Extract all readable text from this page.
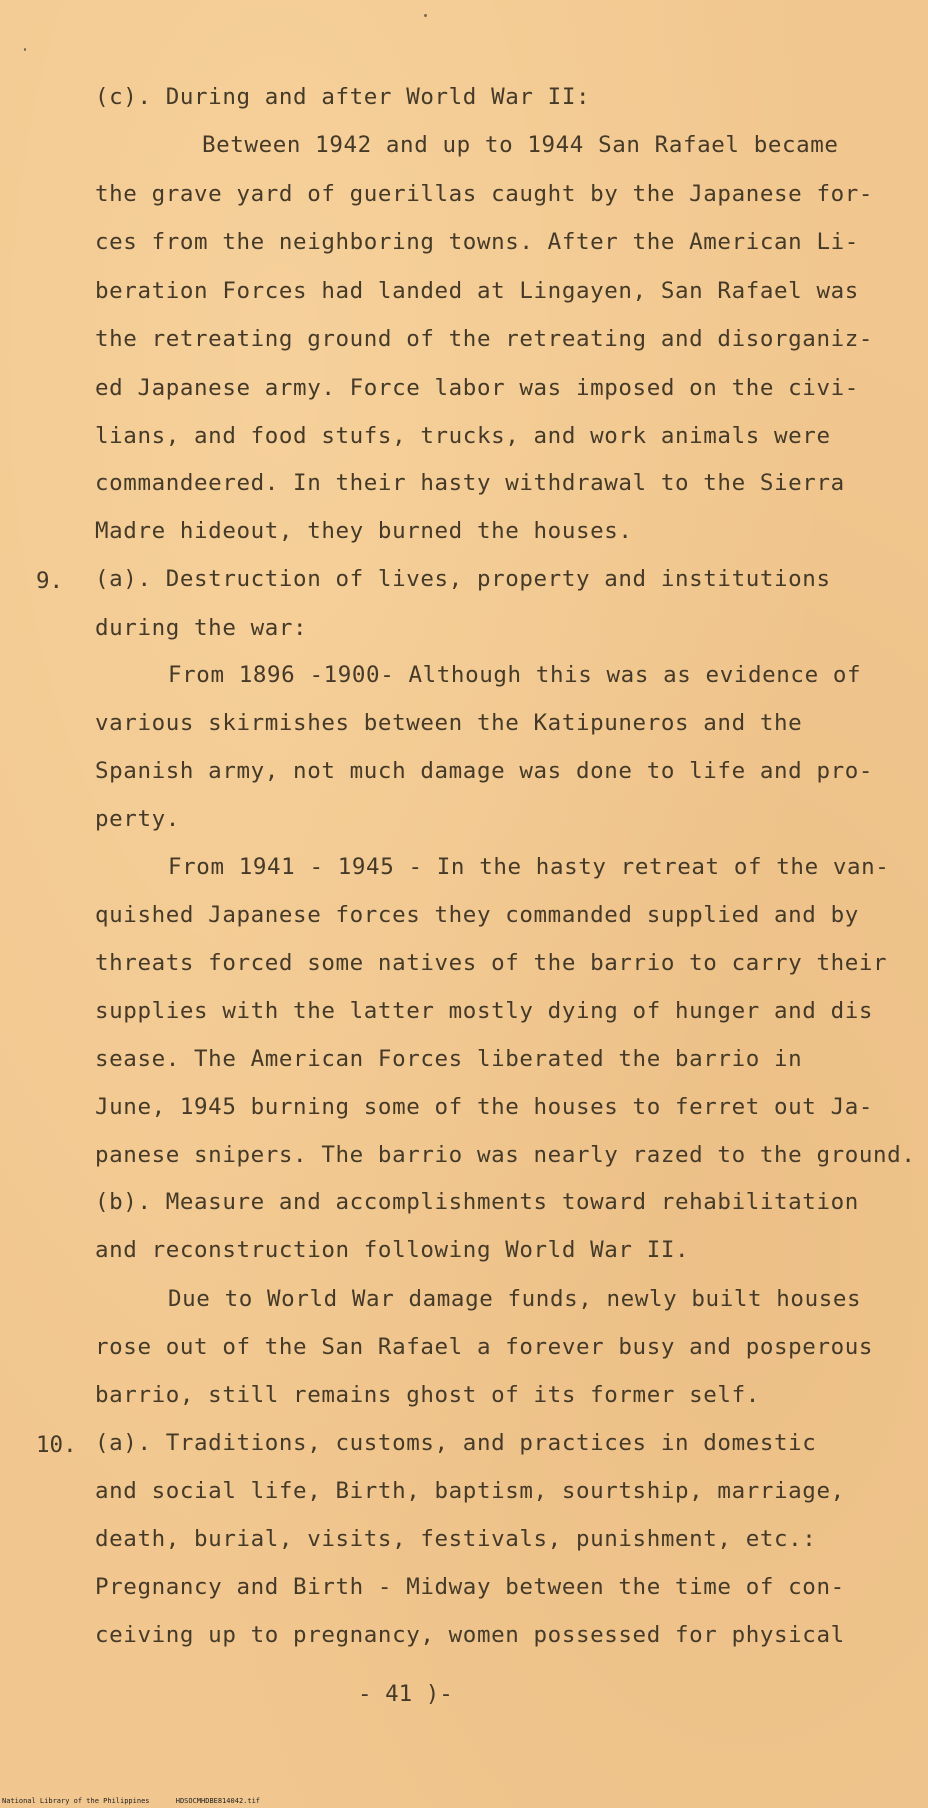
(c). During and after World War II:
Between 1942 and up to 1944 San Rafael became
the grave yard of guerillas caught by the Japanese for-
ces from the neighboring towns. After the American Li-
beration Forces had landed at Lingayen, San Rafael was
the retreating ground of the retreating and disorganiz-
ed Japanese army. Force labor was imposed on the civi-
lians, and food stufs, trucks, and work animals were
commandeered. In their hasty withdrawal to the Sierra
Madre hideout, they burned the houses.
9. (a). Destruction of lives, property and institutions
during the war:
From 1896 -1900- Although this was as evidence of
various skirmishes between the Katipuneros and the
Spanish army, not much damage was done to life and pro-
perty.
From 1941 - 1945 - In the hasty retreat of the van-
quished Japanese forces they commanded supplied and by
threats forced some natives of the barrio to carry their
supplies with the latter mostly dying of hunger and dis
sease. The American Forces liberated the barrio in
June, 1945 burning some of the houses to ferret out Ja-
panese snipers. The barrio was nearly razed to the ground.
(b). Measure and accomplishments toward rehabilitation
and reconstruction following World War II.
Due to World War damage funds, newly built houses
rose out of the San Rafael a forever busy and posperous
barrio, still remains ghost of its former self.
10. (a). Traditions, customs, and practices in domestic
and social life, Birth, baptism, sourtship, marriage,
death, burial, visits, festivals, punishment, etc.:
Pregnancy and Birth - Midway between the time of con-
ceiving up to pregnancy, women possessed for physical
- 41 )-
National Library of the Philippines	HDSOCMHDBE814042.tif
